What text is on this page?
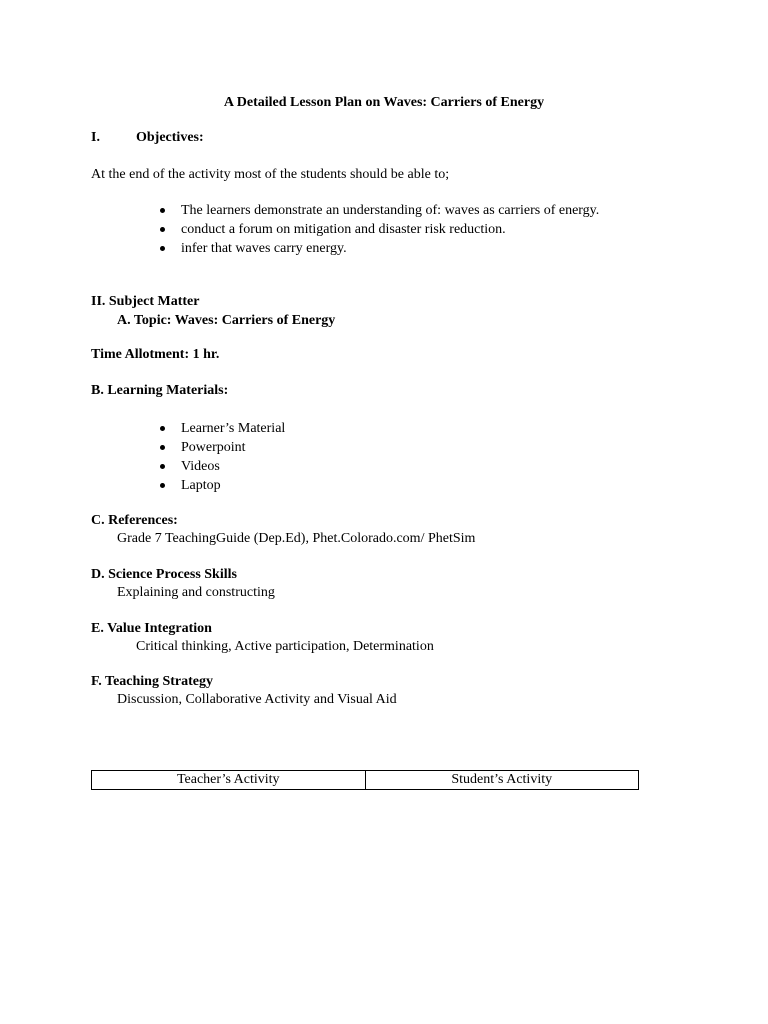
A Detailed Lesson Plan on Waves: Carriers of Energy
I.	Objectives:
At the end of the activity most of the students should be able to;
The learners demonstrate an understanding of: waves as carriers of energy.
conduct a forum on mitigation and disaster risk reduction.
infer that waves carry energy.
II. Subject Matter
A. Topic: Waves: Carriers of Energy
Time Allotment: 1 hr.
B. Learning Materials:
Learner’s Material
Powerpoint
Videos
Laptop
C. References:
Grade 7 TeachingGuide (Dep.Ed), Phet.Colorado.com/ PhetSim
D. Science Process Skills
Explaining and constructing
E. Value Integration
Critical thinking, Active participation, Determination
F. Teaching Strategy
Discussion, Collaborative Activity and Visual Aid
Teacher’s Activity	Student’s Activity
